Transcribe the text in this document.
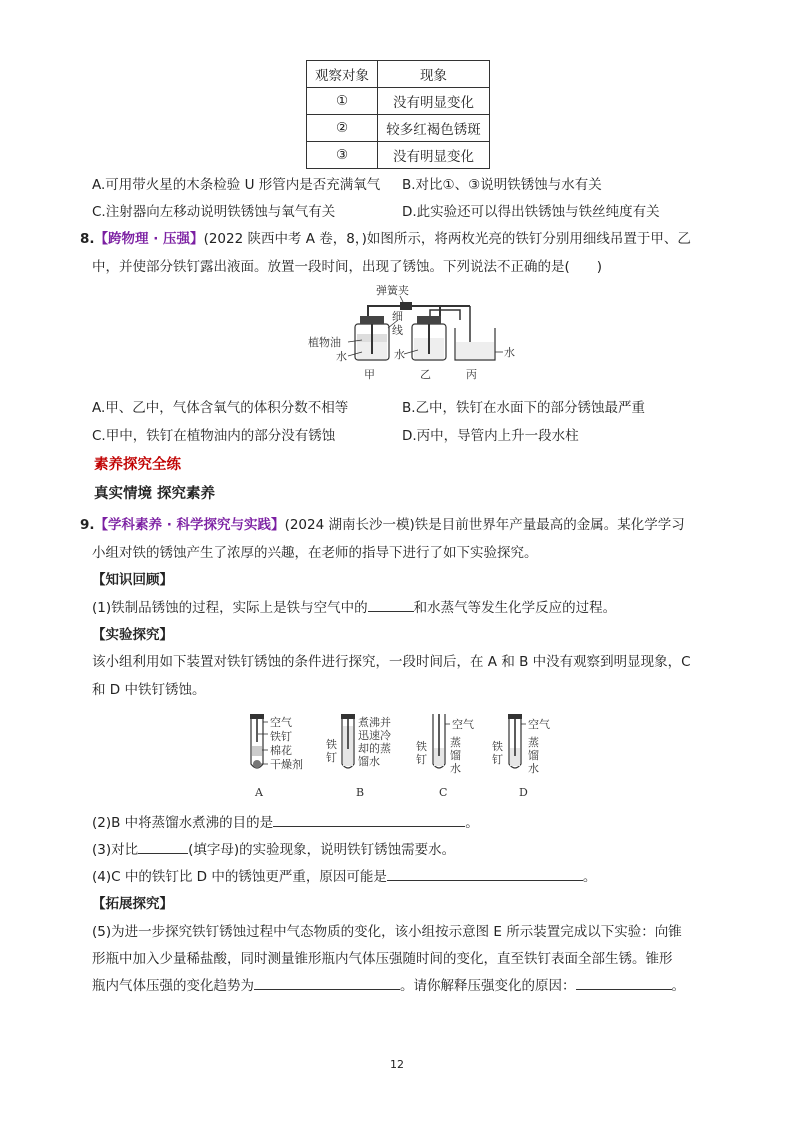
观察对象	现象
①	没有明显变化
②	较多红褐色锈斑
③	没有明显变化
A.可用带火星的木条检验 U 形管内是否充满氧气 B.对比①、③说明铁锈蚀与水有关
C.注射器向左移动说明铁锈蚀与氧气有关	D.此实验还可以得出铁锈蚀与铁丝纯度有关
8.【跨物理 · 压强】(2022 陕西中考 A 卷，8，)如图所示，将两枚光亮的铁钉分别用细线吊置于甲、乙
中，并使部分铁钉露出液面。放置一段时间，出现了锈蚀。下列说法不正确的是(　　)
弹簧夹
细
线
植物油
水	水	水
甲	乙	丙
A.甲、乙中，气体含氧气的体积分数不相等	B.乙中，铁钉在水面下的部分锈蚀最严重
C.甲中，铁钉在植物油内的部分没有锈蚀	D.丙中，导管内上升一段水柱
素养探究全练
真实情境 探究素养
9.【学科素养 · 科学探究与实践】(2024 湖南长沙一模)铁是目前世界年产量最高的金属。某化学学习
小组对铁的锈蚀产生了浓厚的兴趣，在老师的指导下进行了如下实验探究。
【知识回顾】
(1)铁制品锈蚀的过程，实际上是铁与空气中的	和水蒸气等发生化学反应的过程。
【实验探究】
该小组利用如下装置对铁钉锈蚀的条件进行探究，一段时间后，在 A 和 B 中没有观察到明显现象，C
和 D 中铁钉锈蚀。
空气
铁钉
棉花
干燥剂
铁
钉
煮沸并
迅速冷
却的蒸
馏水
空气
铁
钉
蒸
馏
水
空气
铁
钉
蒸
馏
水
A	B	C	D
(2)B 中将蒸馏水煮沸的目的是	。
(3)对比	(填字母)的实验现象，说明铁钉锈蚀需要水。
(4)C 中的铁钉比 D 中的锈蚀更严重，原因可能是	。
【拓展探究】
(5)为进一步探究铁钉锈蚀过程中气态物质的变化，该小组按示意图 E 所示装置完成以下实验：向锥
形瓶中加入少量稀盐酸，同时测量锥形瓶内气体压强随时间的变化，直至铁钉表面全部生锈。锥形
瓶内气体压强的变化趋势为	。请你解释压强变化的原因：	。
12
